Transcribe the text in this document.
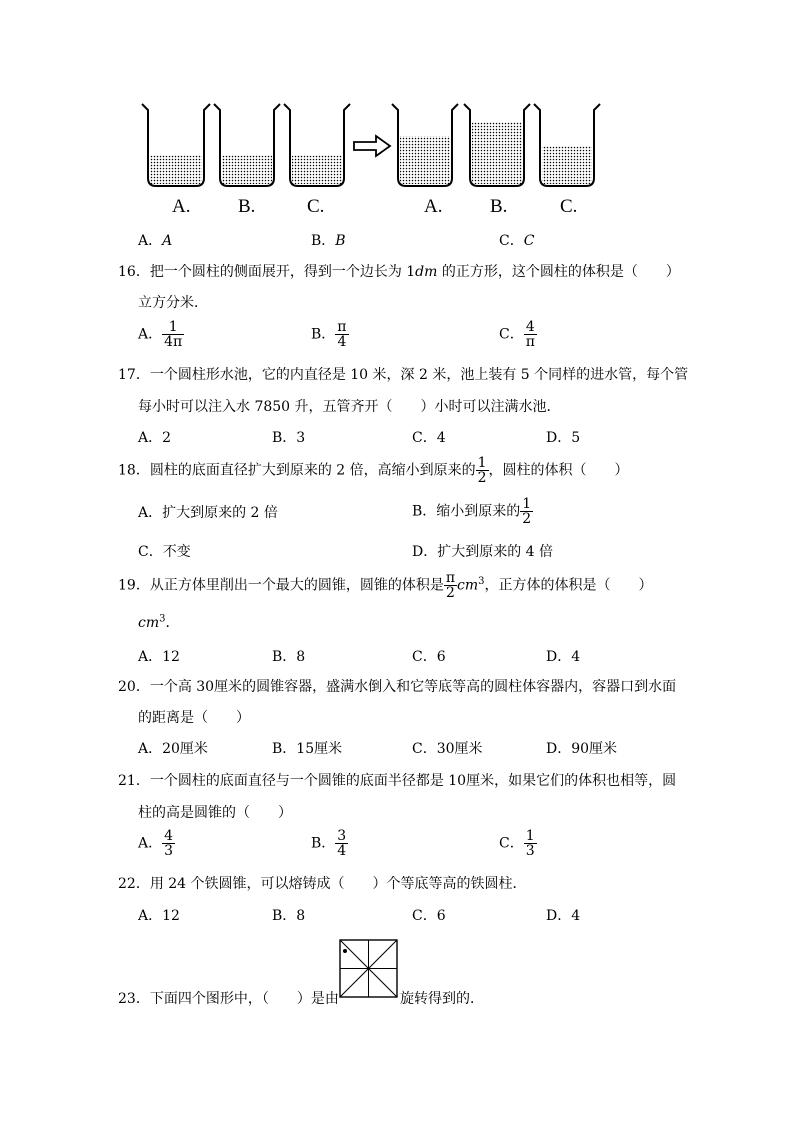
A.	B.	C.	A.	B.	C.
A．A	B．B	C．C
16．把一个圆柱的侧面展开，得到一个边长为 1dm 的正方形，这个圆柱的体积是（　　）
立方分米．
A． $\frac{1}{4\pi}$	B． $\frac{\pi}{4}$	C． $\frac{4}{\pi}$
17．一个圆柱形水池，它的内直径是 10 米，深 2 米，池上装有 5 个同样的进水管，每个管
每小时可以注入水 7850 升，五管齐开（　　）小时可以注满水池．
A．2	B．3	C．4	D．5
18．圆柱的底面直径扩大到原来的 2 倍，高缩小到原来的 $\frac{1}{2}$ ，圆柱的体积（　　）
A．扩大到原来的 2 倍	B．缩小到原来的 $\frac{1}{2}$
C．不变	D．扩大到原来的 4 倍
19．从正方体里削出一个最大的圆锥，圆锥的体积是 $\frac{\pi}{2} cm^3$，正方体的体积是（　　）
$cm^3$．
A．12	B．8	C．6	D．4
20．一个高 30厘米的圆锥容器，盛满水倒入和它等底等高的圆柱体容器内，容器口到水面
的距离是（　　）
A．20厘米	B．15厘米	C．30厘米	D．90厘米
21．一个圆柱的底面直径与一个圆锥的底面半径都是 10厘米，如果它们的体积也相等，圆
柱的高是圆锥的（　　）
A． $\frac{4}{3}$	B． $\frac{3}{4}$	C． $\frac{1}{3}$
22．用 24 个铁圆锥，可以熔铸成（　　）个等底等高的铁圆柱．
A．12	B．8	C．6	D．4
23．下面四个图形中，（　　）是由	旋转得到的．
